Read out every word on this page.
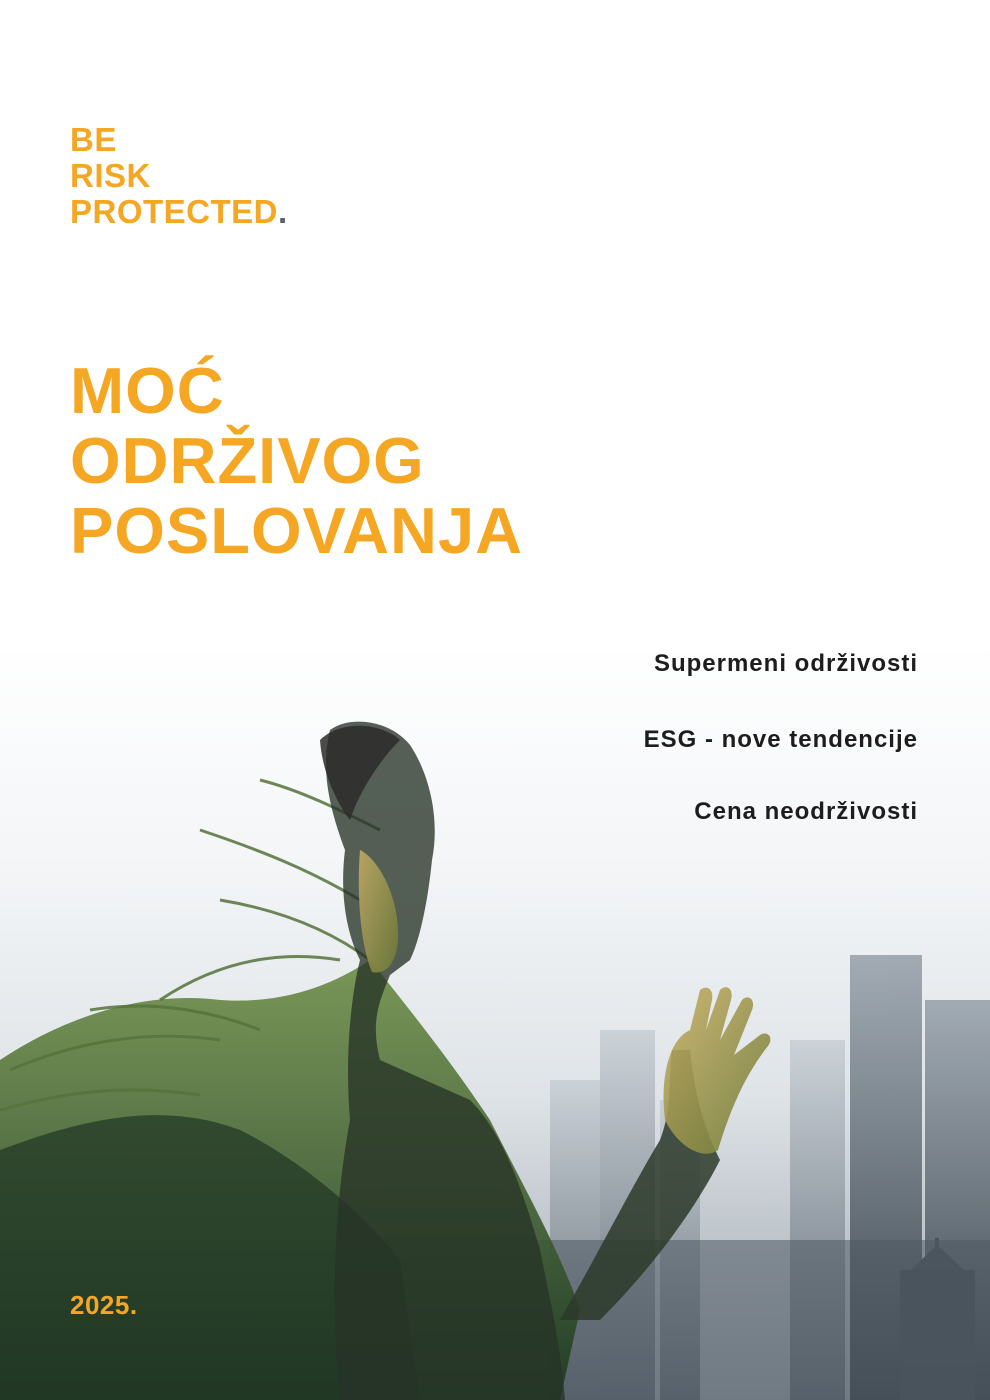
BE
RISK
PROTECTED.
MOĆ
ODRŽIVOG
POSLOVANJA

Supermeni održivosti

ESG - nove tendencije

Cena neodrživosti

2025.
